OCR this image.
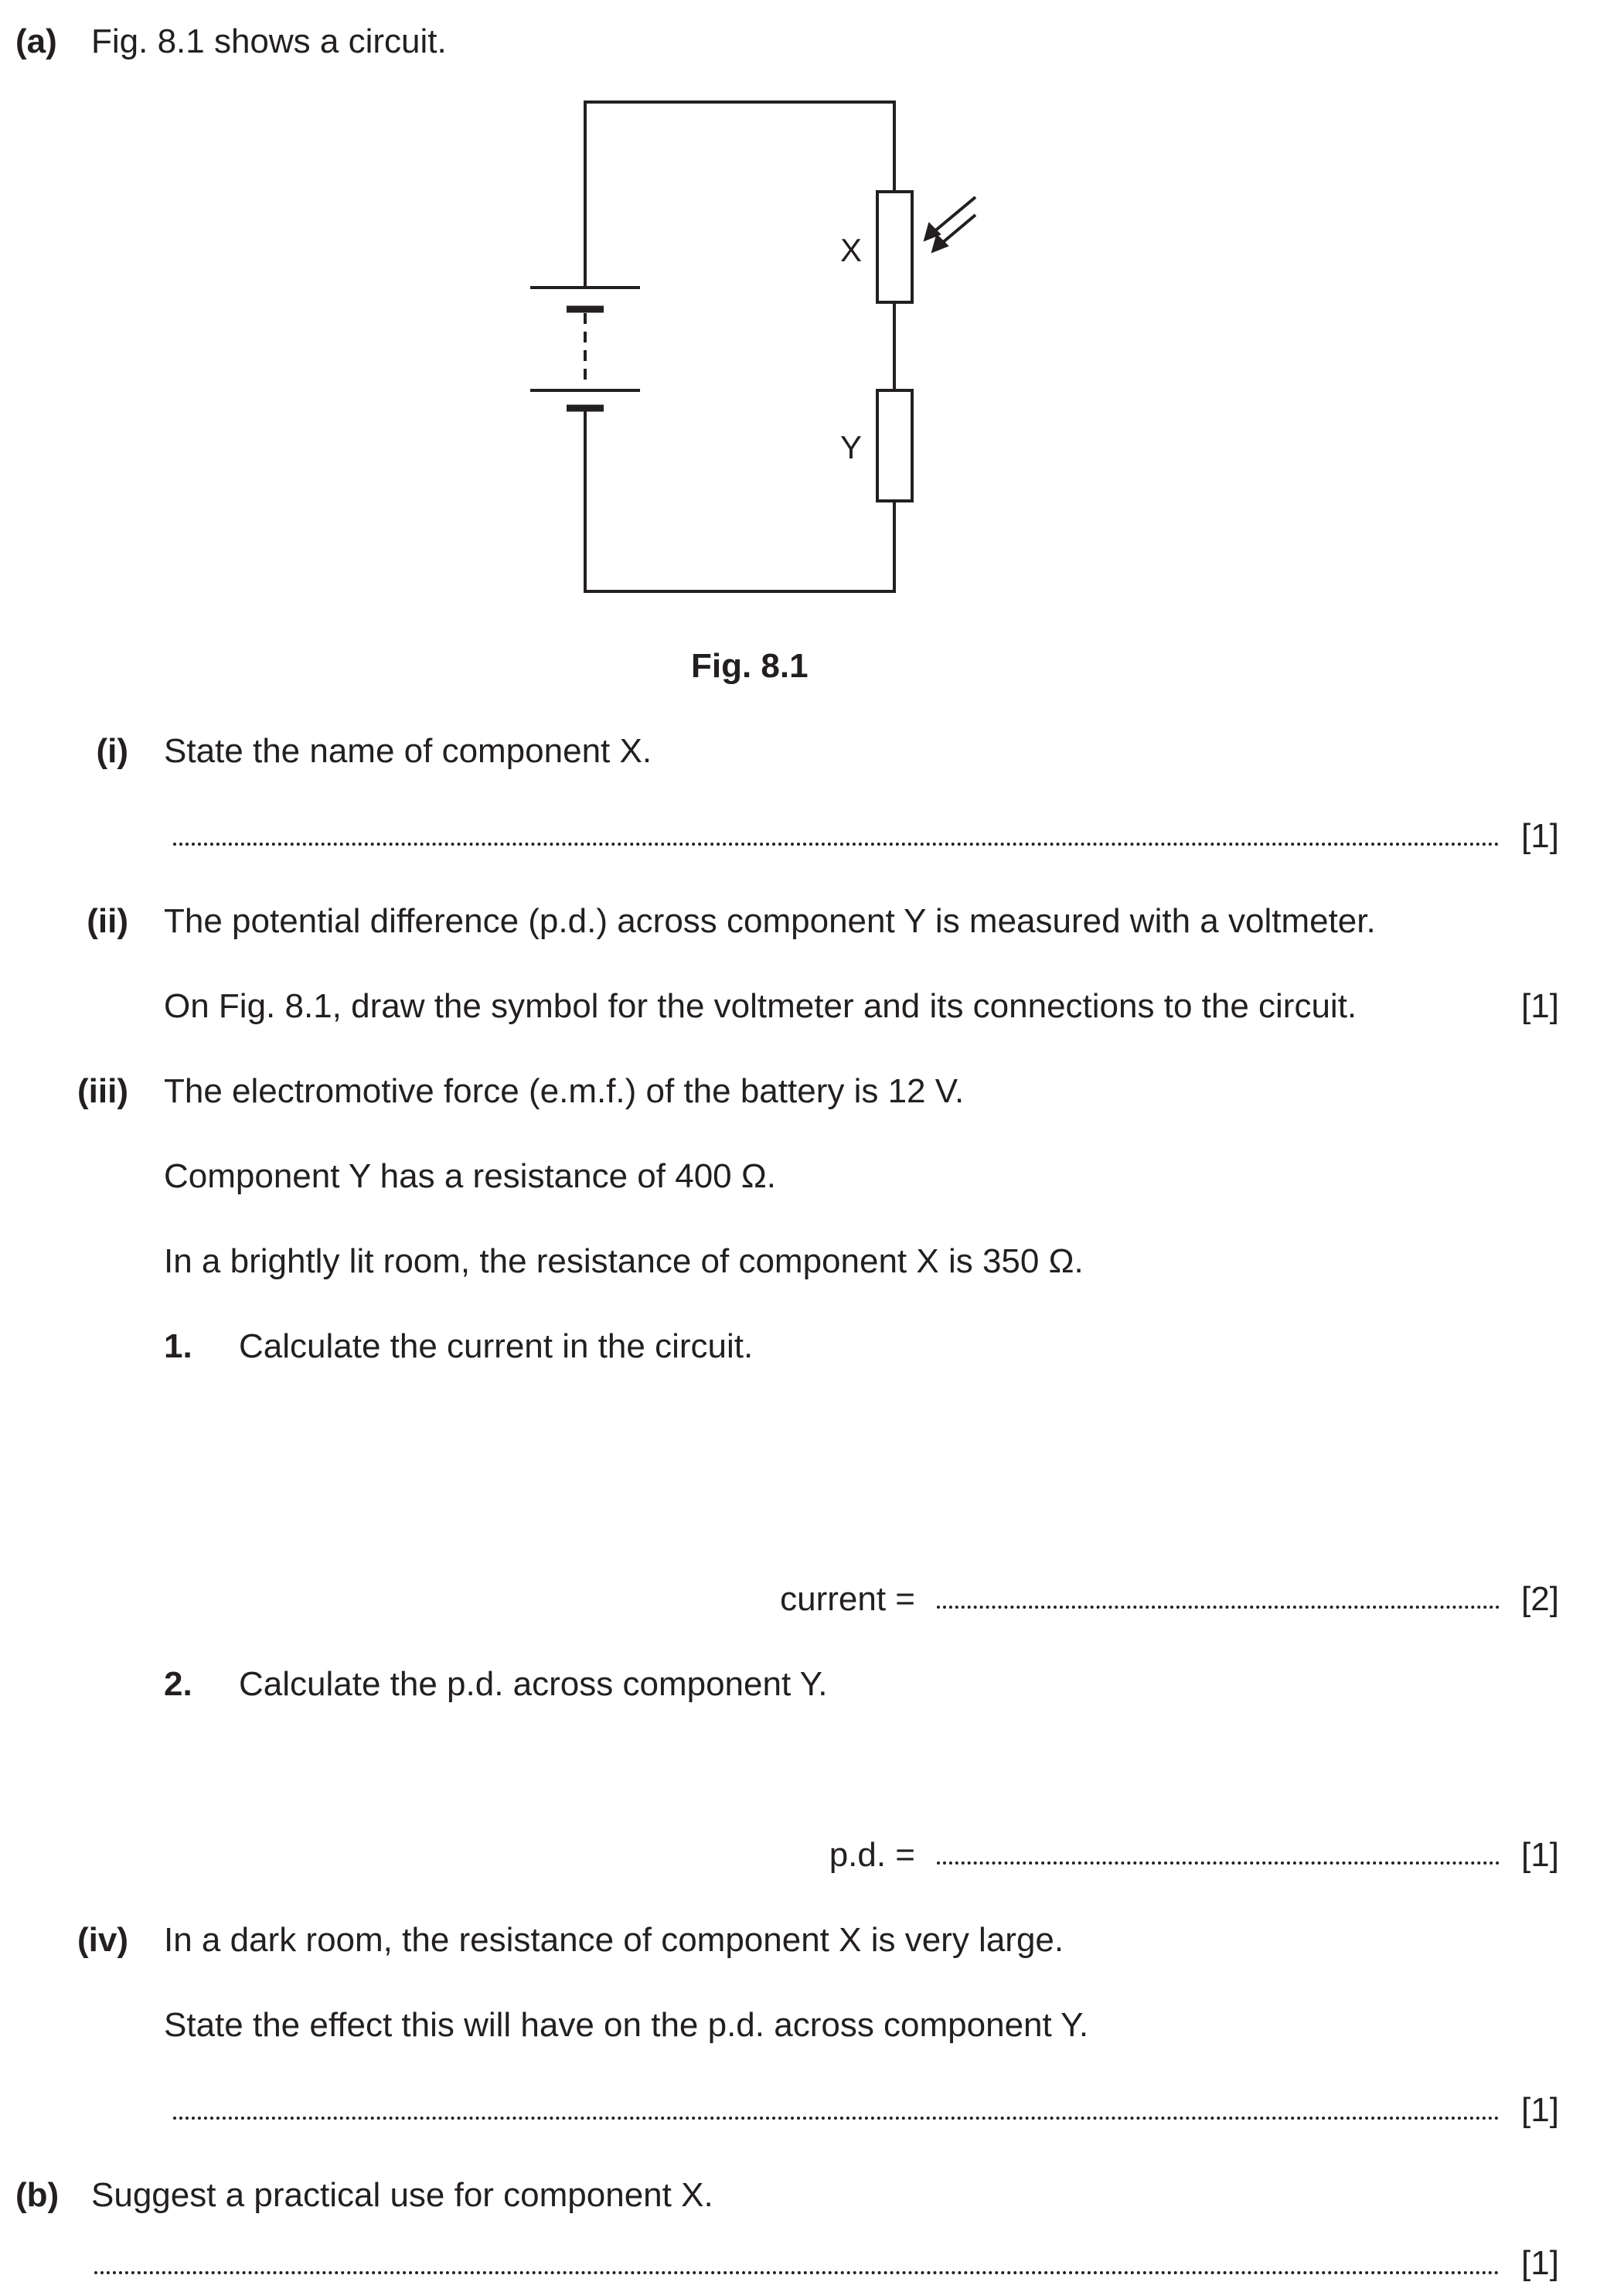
(a) Fig. 8.1 shows a circuit.
X
Y
Fig. 8.1
(i) State the name of component X.
[1]
(ii) The potential difference (p.d.) across component Y is measured with a voltmeter.
On Fig. 8.1, draw the symbol for the voltmeter and its connections to the circuit.	[1]
(iii) The electromotive force (e.m.f.) of the battery is 12 V.
Component Y has a resistance of 400 Ω.
In a brightly lit room, the resistance of component X is 350 Ω.
1. Calculate the current in the circuit.
current =	[2]
2. Calculate the p.d. across component Y.
p.d. =	[1]
(iv) In a dark room, the resistance of component X is very large.
State the effect this will have on the p.d. across component Y.
[1]
(b) Suggest a practical use for component X.
[1]
